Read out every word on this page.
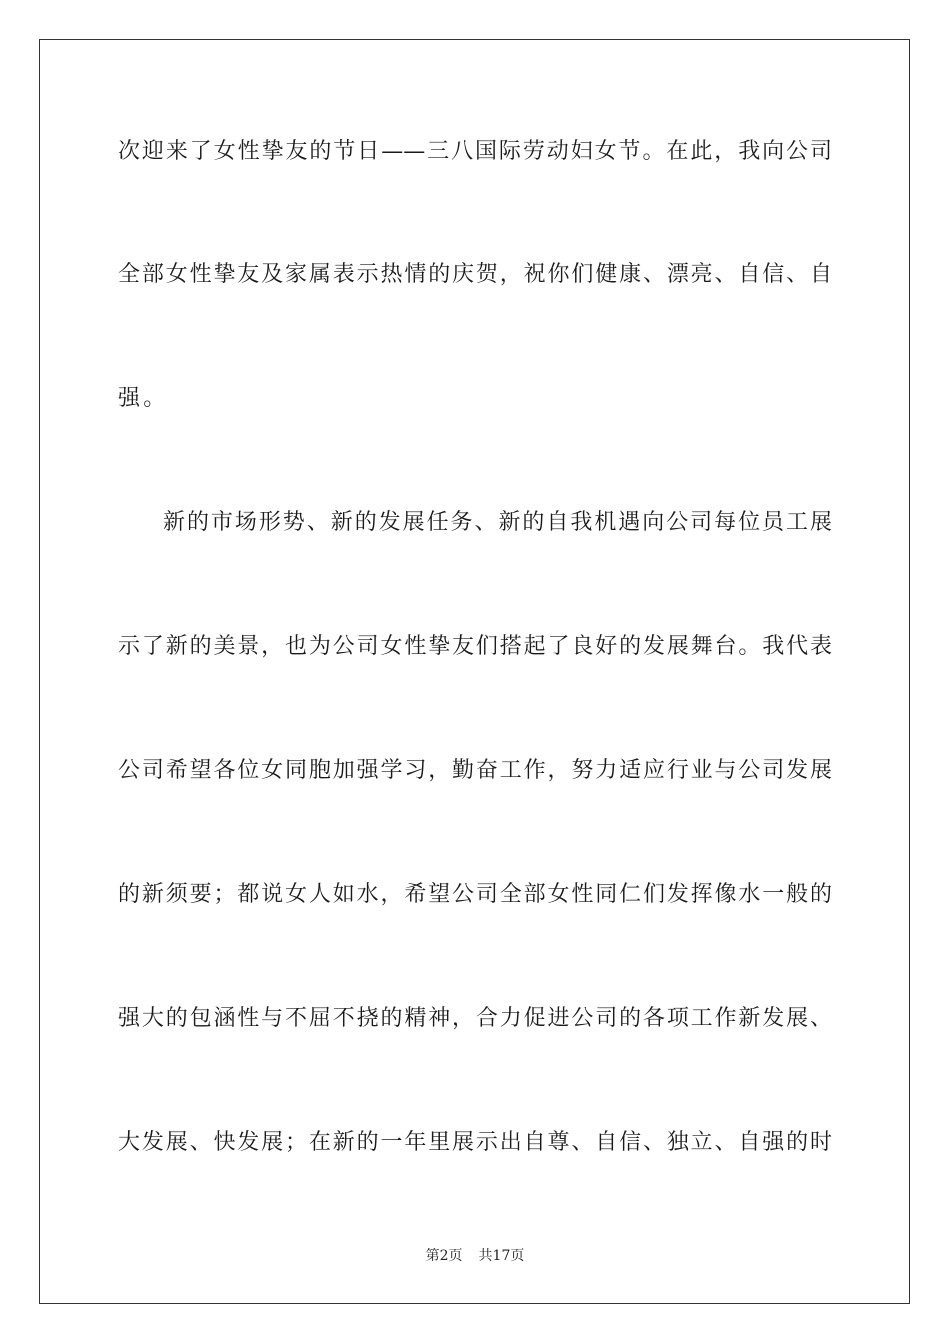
次迎来了女性挚友的节日——三八国际劳动妇女节。在此，我向公司
全部女性挚友及家属表示热情的庆贺，祝你们健康、漂亮、自信、自
强。
新的市场形势、新的发展任务、新的自我机遇向公司每位员工展
示了新的美景，也为公司女性挚友们搭起了良好的发展舞台。我代表
公司希望各位女同胞加强学习，勤奋工作，努力适应行业与公司发展
的新须要；都说女人如水，希望公司全部女性同仁们发挥像水一般的
强大的包涵性与不屈不挠的精神，合力促进公司的各项工作新发展、
大发展、快发展；在新的一年里展示出自尊、自信、独立、自强的时
第2页 共17页
